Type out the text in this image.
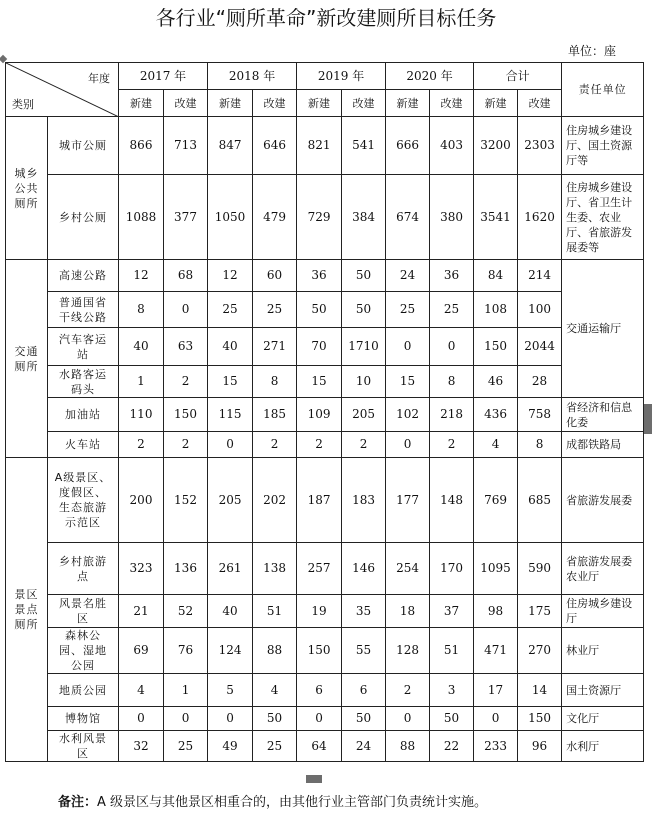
各行业“厕所革命”新改建厕所目标任务
单位：座
年度
类别		2017 年		2018 年		2019 年		2020 年		合计		责任单位
		新建	改建	新建	改建	新建	改建	新建	改建	新建	改建	
城乡公共厕所	城市公厕	866	713	847	646	821	541	666	403	3200	2303	住房城乡建设厅、国土资源厅等
	乡村公厕	1088	377	1050	479	729	384	674	380	3541	1620	住房城乡建设厅、省卫生计生委、农业厅、省旅游发展委等
交通厕所	高速公路	12	68	12	60	36	50	24	36	84	214	交通运输厅
	普通国省干线公路	8	0	25	25	50	50	25	25	108	100	
	汽车客运站	40	63	40	271	70	1710	0	0	150	2044	
	水路客运码头	1	2	15	8	15	10	15	8	46	28	
	加油站	110	150	115	185	109	205	102	218	436	758	省经济和信息化委
	火车站	2	2	0	2	2	2	0	2	4	8	成都铁路局
景区景点厕所	A级景区、度假区、生态旅游示范区	200	152	205	202	187	183	177	148	769	685	省旅游发展委
	乡村旅游点	323	136	261	138	257	146	254	170	1095	590	省旅游发展委农业厅
	风景名胜区	21	52	40	51	19	35	18	37	98	175	住房城乡建设厅
	森林公园、湿地公园	69	76	124	88	150	55	128	51	471	270	林业厅
	地质公园	4	1	5	4	6	6	2	3	17	14	国土资源厅
	博物馆	0	0	0	50	0	50	0	50	0	150	文化厅
	水利风景区	32	25	49	25	64	24	88	22	233	96	水利厅
备注：A 级景区与其他景区相重合的，由其他行业主管部门负责统计实施。
